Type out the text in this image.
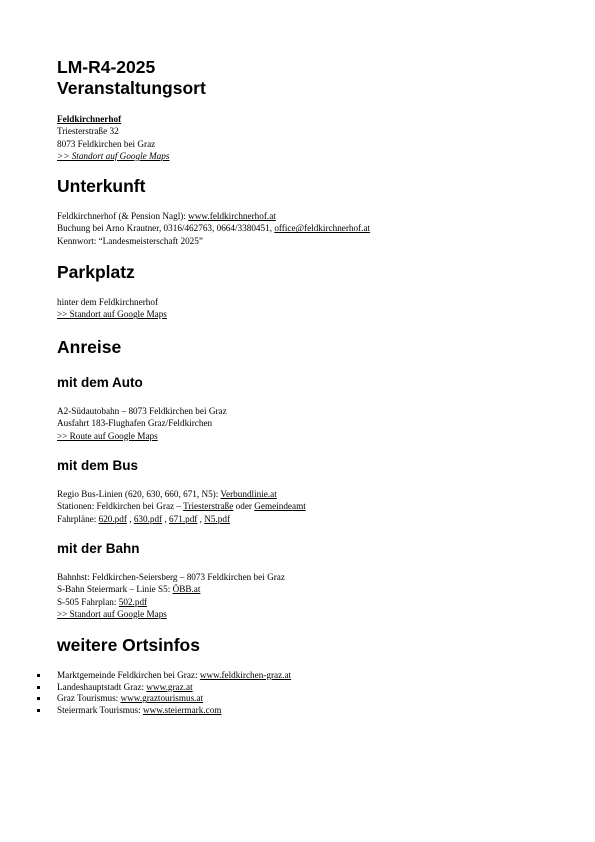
LM-R4-2025
Veranstaltungsort
Feldkirchnerhof
Triesterstraße 32
8073 Feldkirchen bei Graz
>> Standort auf Google Maps
Unterkunft
Feldkirchnerhof (& Pension Nagl): www.feldkirchnerhof.at
Buchung bei Arno Krautner, 0316/462763, 0664/3380451, office@feldkirchnerhof.at
Kennwort: “Landesmeisterschaft 2025”
Parkplatz
hinter dem Feldkirchnerhof
>> Standort auf Google Maps
Anreise
mit dem Auto
A2-Südautobahn – 8073 Feldkirchen bei Graz
Ausfahrt 183-Flughafen Graz/Feldkirchen
>> Route auf Google Maps
mit dem Bus
Regio Bus-Linien (620, 630, 660, 671, N5): Verbundlinie.at
Stationen: Feldkirchen bei Graz – Triesterstraße oder Gemeindeamt
Fahrpläne: 620.pdf , 630.pdf , 671.pdf , N5.pdf
mit der Bahn
Bahnhst: Feldkirchen-Seiersberg – 8073 Feldkirchen bei Graz
S-Bahn Steiermark – Linie S5: ÖBB.at
S-505 Fahrplan: 502.pdf
>> Standort auf Google Maps
weitere Ortsinfos
Marktgemeinde Feldkirchen bei Graz: www.feldkirchen-graz.at
Landeshauptstadt Graz: www.graz.at
Graz Tourismus: www.graztourismus.at
Steiermark Tourismus: www.steiermark.com
